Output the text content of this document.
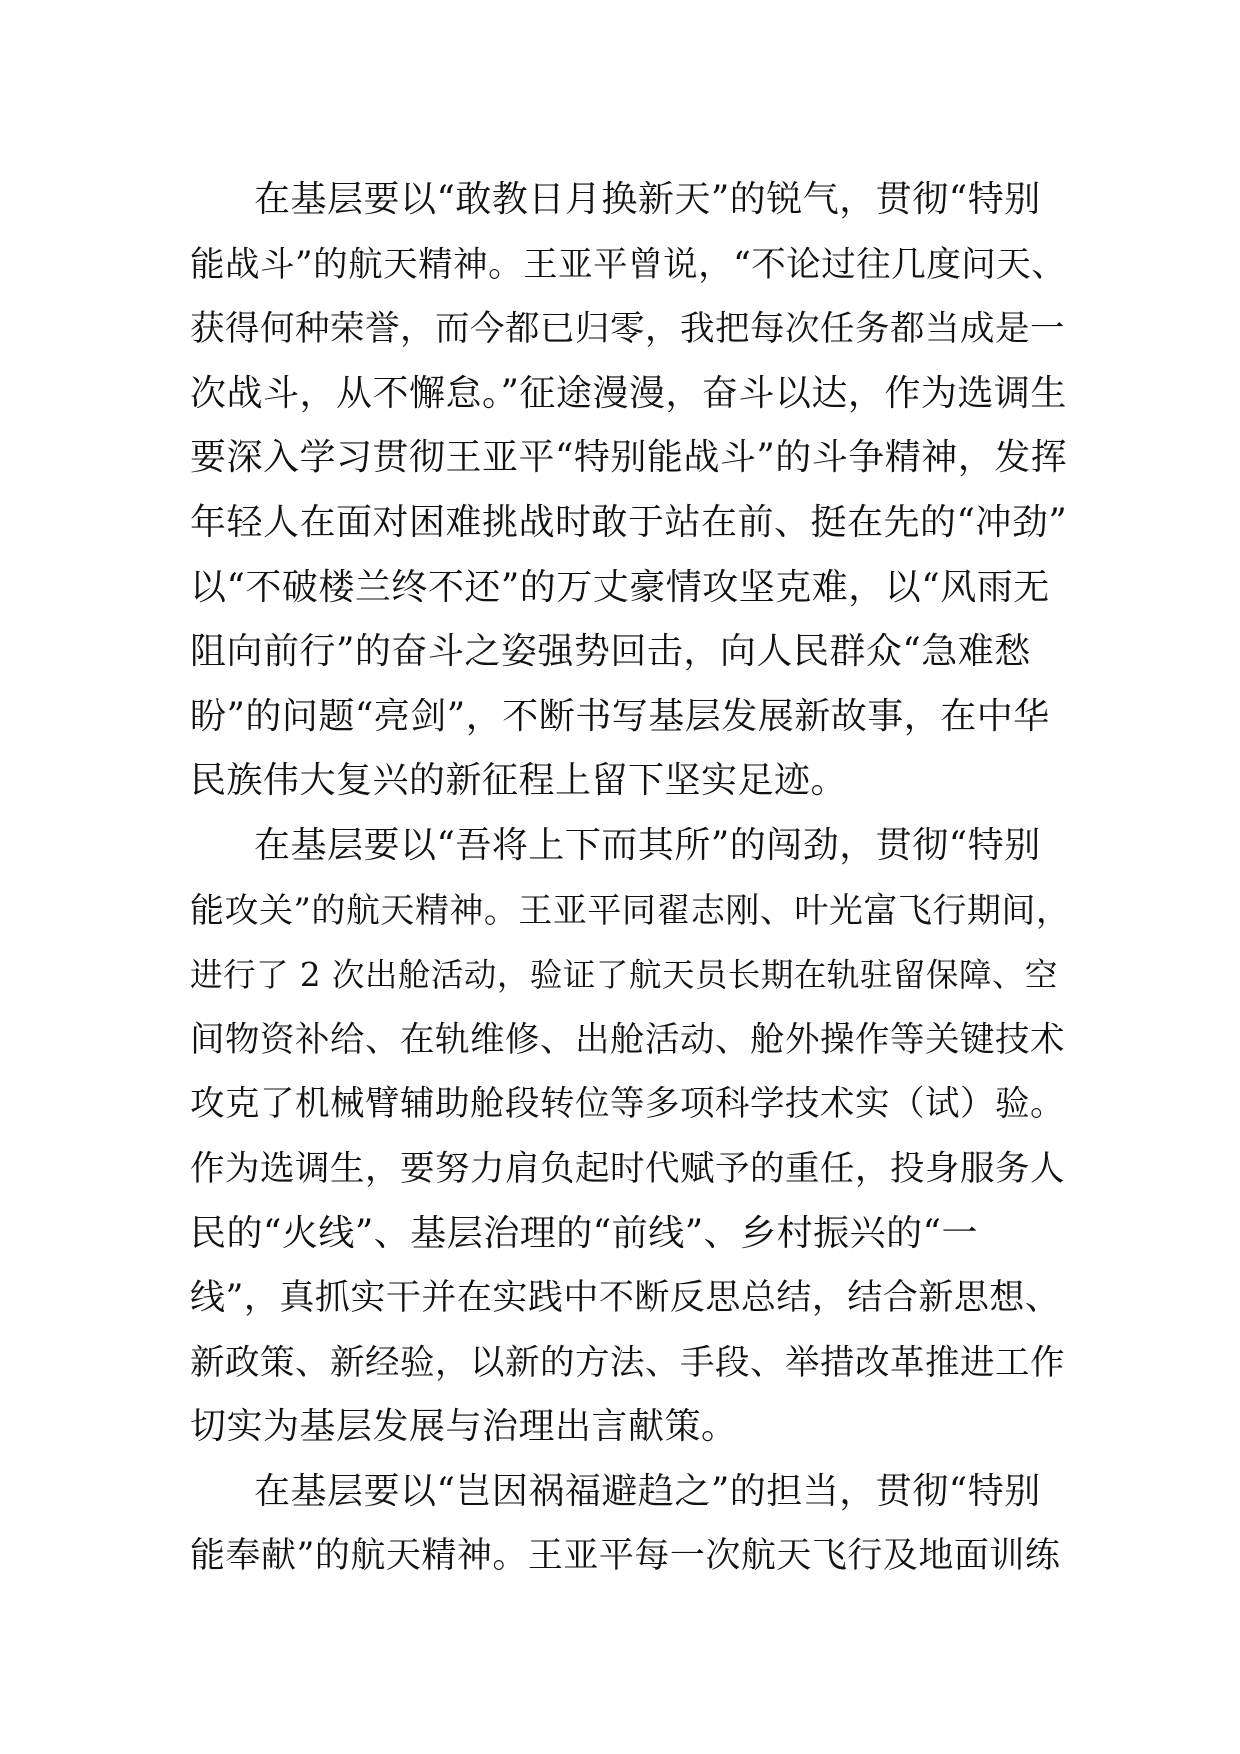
在基层要以“敢教日月换新天”的锐气，贯彻“特别
能战斗”的航天精神。王亚平曾说，“不论过往几度问天、
获得何种荣誉，而今都已归零，我把每次任务都当成是一
次战斗，从不懈怠。”征途漫漫，奋斗以达，作为选调生
要深入学习贯彻王亚平“特别能战斗”的斗争精神，发挥
年轻人在面对困难挑战时敢于站在前、挺在先的“冲劲”
以“不破楼兰终不还”的万丈豪情攻坚克难，以“风雨无
阻向前行”的奋斗之姿强势回击，向人民群众“急难愁
盼”的问题“亮剑”，不断书写基层发展新故事，在中华
民族伟大复兴的新征程上留下坚实足迹。
在基层要以“吾将上下而其所”的闯劲，贯彻“特别
能攻关”的航天精神。王亚平同翟志刚、叶光富飞行期间，
进行了 2 次出舱活动，验证了航天员长期在轨驻留保障、空
间物资补给、在轨维修、出舱活动、舱外操作等关键技术
攻克了机械臂辅助舱段转位等多项科学技术实（试）验。
作为选调生，要努力肩负起时代赋予的重任，投身服务人
民的“火线”、基层治理的“前线”、乡村振兴的“一
线”，真抓实干并在实践中不断反思总结，结合新思想、
新政策、新经验，以新的方法、手段、举措改革推进工作
切实为基层发展与治理出言献策。
在基层要以“岂因祸福避趋之”的担当，贯彻“特别
能奉献”的航天精神。王亚平每一次航天飞行及地面训练
